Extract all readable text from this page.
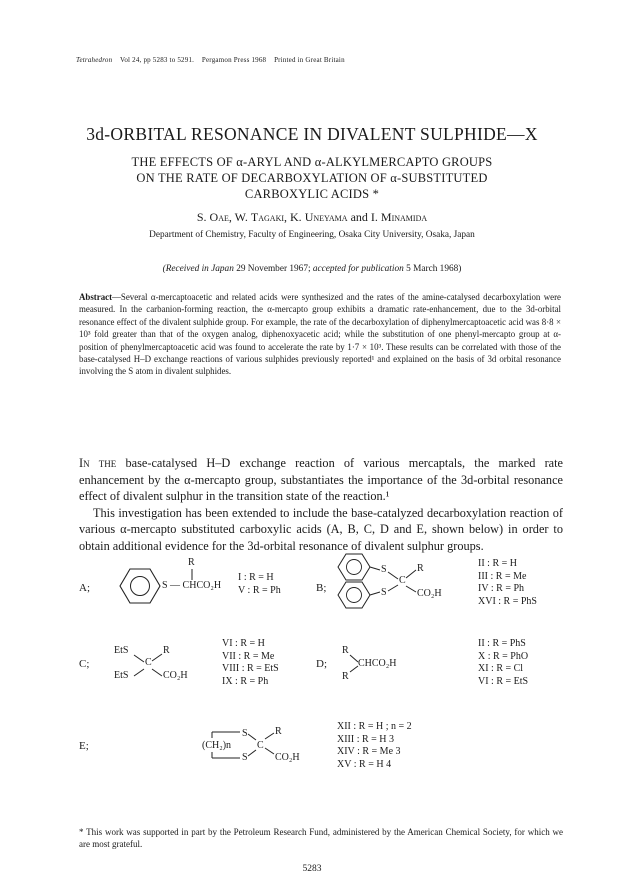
Tetrahedron Vol 24, pp 5283 to 5291. Pergamon Press 1968 Printed in Great Britain
3d-ORBITAL RESONANCE IN DIVALENT SULPHIDE—X
THE EFFECTS OF α-ARYL AND α-ALKYLMERCAPTO GROUPS
ON THE RATE OF DECARBOXYLATION OF α-SUBSTITUTED
CARBOXYLIC ACIDS *
S. Oae, W. Tagaki, K. Uneyama and I. Minamida
Department of Chemistry, Faculty of Engineering, Osaka City University, Osaka, Japan
(Received in Japan 29 November 1967; accepted for publication 5 March 1968)
Abstract—Several α-mercaptoacetic and related acids were synthesized and the rates of the amine-catalysed decarboxylation were measured. In the carbanion-forming reaction, the α-mercapto group exhibits a dramatic rate-enhancement, due to the 3d-orbital resonance effect of the divalent sulphide group. For example, the rate of the decarboxylation of diphenylmercaptoacetic acid was 8·8 × 10³ fold greater than that of the oxygen analog, diphenoxyacetic acid; while the substitution of one phenyl-mercapto group at α-position of phenylmercaptoacetic acid was found to accelerate the rate by 1·7 × 10³. These results can be correlated with those of the base-catalysed H–D exchange reactions of various sulphides previously reported¹ and explained on the basis of 3d orbital resonance involving the S atom in divalent sulphides.

In the base-catalysed H–D exchange reaction of various mercaptals, the marked rate enhancement by the α-mercapto group, substantiates the importance of the 3d-orbital resonance effect of divalent sulphur in the transition state of the reaction.¹

This investigation has been extended to include the base-catalyzed decarboxylation reaction of various α-mercapto substituted carboxylic acids (A, B, C, D and E, shown below) in order to obtain additional evidence for the 3d-orbital resonance of divalent sulphur groups.

A;
R
S — CHCO₂H
I : R = H
V : R = Ph	B;
S
S
C
R
CO₂H
II : R = H
III : R = Me
IV : R = Ph
XVI : R = PhS
C;
EtS
EtS
C
R
CO₂H
VI : R = H
VII : R = Me
VIII : R = EtS
IX : R = Ph
D;
R
R
CHCO₂H
II : R = PhS
X : R = PhO
XI : R = Cl
VI : R = EtS
E;	(CH₂)n
S
S
C
R
CO₂H
XII : R = H ; n = 2
XIII : R = H 3
XIV : R = Me 3
XV : R = H 4
* This work was supported in part by the Petroleum Research Fund, administered by the American Chemical Society, for which we are most grateful.
5283
